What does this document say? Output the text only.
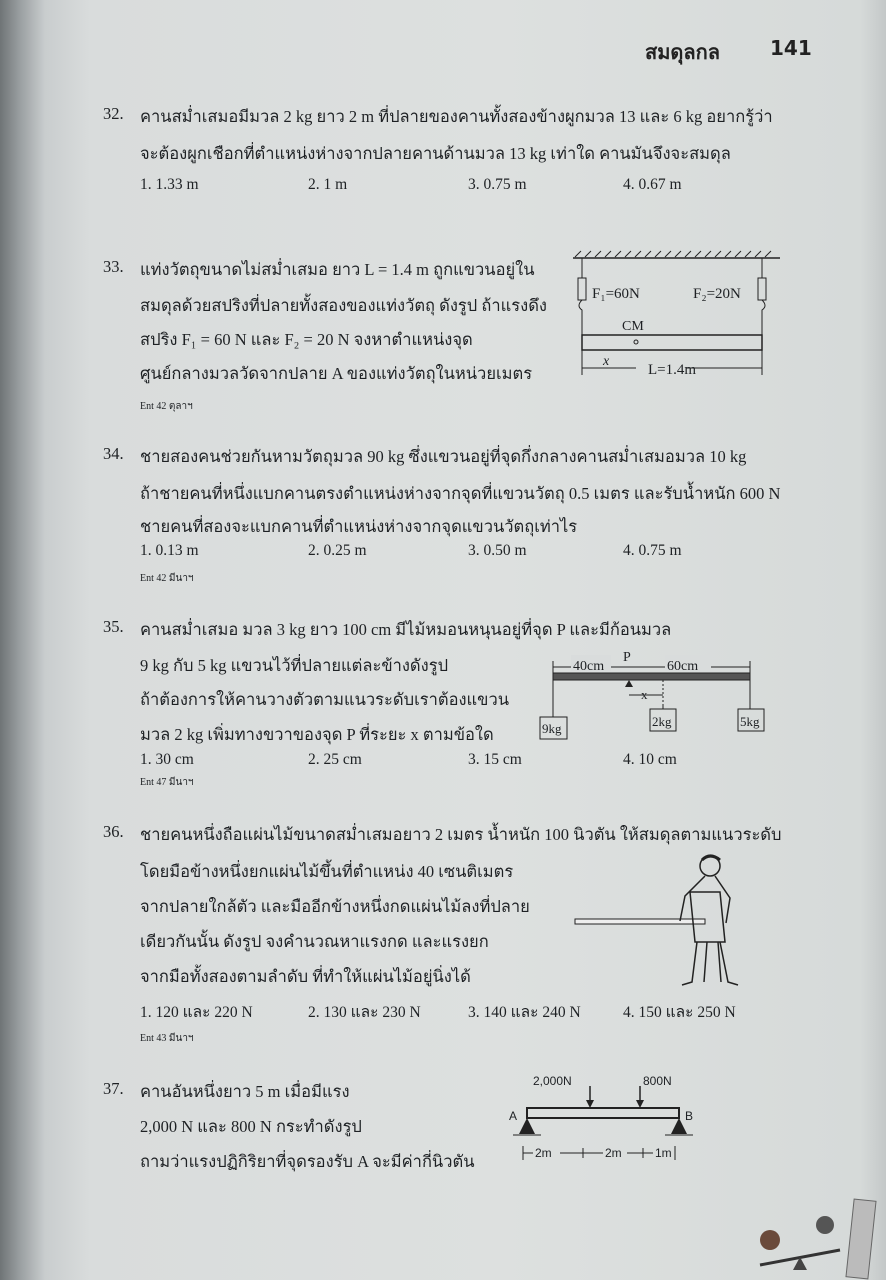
สมดุลกล	141
32. คานสม่ำเสมอมีมวล 2 kg ยาว 2 m ที่ปลายของคานทั้งสองข้างผูกมวล 13 และ 6 kg อยากรู้ว่า
จะต้องผูกเชือกที่ตำแหน่งห่างจากปลายคานด้านมวล 13 kg เท่าใด คานมันจึงจะสมดุล
1. 1.33 m	2. 1 m	3. 0.75 m	4. 0.67 m
33. แท่งวัตถุขนาดไม่สม่ำเสมอ ยาว L = 1.4 m ถูกแขวนอยู่ใน
สมดุลด้วยสปริงที่ปลายทั้งสองของแท่งวัตถุ ดังรูป ถ้าแรงดึง
สปริง F₁ = 60 N และ F₂ = 20 N จงหาตำแหน่งจุด
ศูนย์กลางมวลวัดจากปลาย A ของแท่งวัตถุในหน่วยเมตร
Ent 42 ตุลาฯ
F₁=60N	F₂=20N
CM
x
L=1.4m
34. ชายสองคนช่วยกันหามวัตถุมวล 90 kg ซึ่งแขวนอยู่ที่จุดกึ่งกลางคานสม่ำเสมอมวล 10 kg
ถ้าชายคนที่หนึ่งแบกคานตรงตำแหน่งห่างจากจุดที่แขวนวัตถุ 0.5 เมตร และรับน้ำหนัก 600 N
ชายคนที่สองจะแบกคานที่ตำแหน่งห่างจากจุดแขวนวัตถุเท่าไร
1. 0.13 m	2. 0.25 m	3. 0.50 m	4. 0.75 m
Ent 42 มีนาฯ
35. คานสม่ำเสมอ มวล 3 kg ยาว 100 cm มีไม้หมอนหนุนอยู่ที่จุด P และมีก้อนมวล
9 kg กับ 5 kg แขวนไว้ที่ปลายแต่ละข้างดังรูป
ถ้าต้องการให้คานวางตัวตามแนวระดับเราต้องแขวน
มวล 2 kg เพิ่มทางขวาของจุด P ที่ระยะ x ตามข้อใด
1. 30 cm	2. 25 cm	3. 15 cm	4. 10 cm
Ent 47 มีนาฯ
40cm
P
60cm
x
9kg	2kg	5kg
36. ชายคนหนึ่งถือแผ่นไม้ขนาดสม่ำเสมอยาว 2 เมตร น้ำหนัก 100 นิวตัน ให้สมดุลตามแนวระดับ
โดยมือข้างหนึ่งยกแผ่นไม้ขึ้นที่ตำแหน่ง 40 เซนติเมตร
จากปลายใกล้ตัว และมืออีกข้างหนึ่งกดแผ่นไม้ลงที่ปลาย
เดียวกันนั้น ดังรูป จงคำนวณหาแรงกด และแรงยก
จากมือทั้งสองตามลำดับ ที่ทำให้แผ่นไม้อยู่นิ่งได้
1. 120 และ 220 N	2. 130 และ 230 N	3. 140 และ 240 N	4. 150 และ 250 N
Ent 43 มีนาฯ
37. คานอันหนึ่งยาว 5 m เมื่อมีแรง
2,000 N และ 800 N กระทำดังรูป
ถามว่าแรงปฏิกิริยาที่จุดรองรับ A จะมีค่ากี่นิวตัน
2,000N	800N
A	B
2m	2m	1m
